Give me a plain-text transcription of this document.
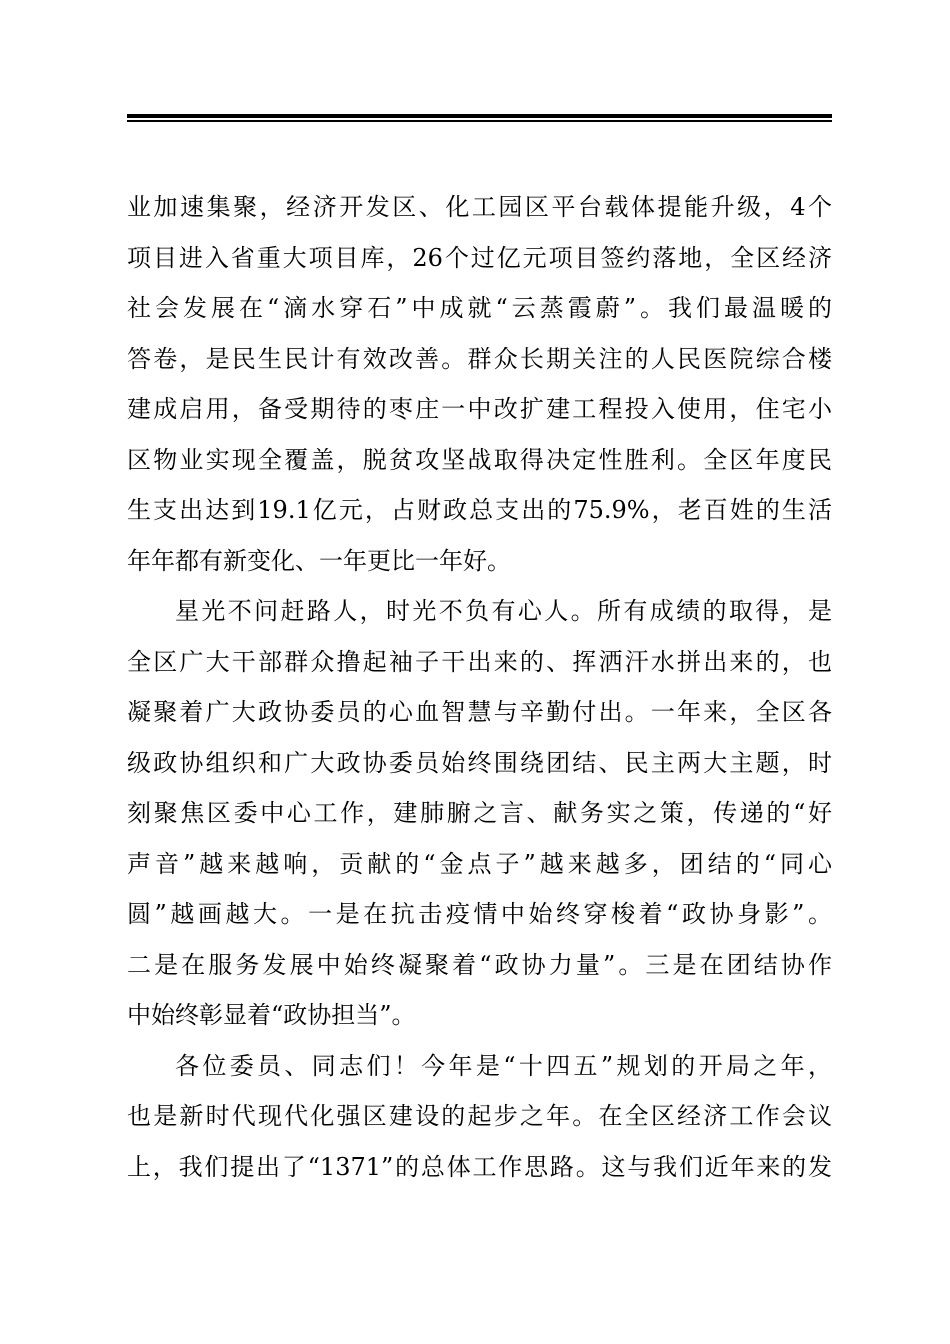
业加速集聚，经济开发区、化工园区平台载体提能升级，4个
项目进入省重大项目库，26个过亿元项目签约落地，全区经济
社会发展在“滴水穿石”中成就“云蒸霞蔚”。我们最温暖的
答卷，是民生民计有效改善。群众长期关注的人民医院综合楼
建成启用，备受期待的枣庄一中改扩建工程投入使用，住宅小
区物业实现全覆盖，脱贫攻坚战取得决定性胜利。全区年度民
生支出达到19.1亿元，占财政总支出的75.9%，老百姓的生活
年年都有新变化、一年更比一年好。
星光不问赶路人，时光不负有心人。所有成绩的取得，是
全区广大干部群众撸起袖子干出来的、挥洒汗水拼出来的，也
凝聚着广大政协委员的心血智慧与辛勤付出。一年来，全区各
级政协组织和广大政协委员始终围绕团结、民主两大主题，时
刻聚焦区委中心工作，建肺腑之言、献务实之策，传递的“好
声音”越来越响，贡献的“金点子”越来越多，团结的“同心
圆”越画越大。一是在抗击疫情中始终穿梭着“政协身影”。
二是在服务发展中始终凝聚着“政协力量”。三是在团结协作
中始终彰显着“政协担当”。
各位委员、同志们！今年是“十四五”规划的开局之年，
也是新时代现代化强区建设的起步之年。在全区经济工作会议
上，我们提出了“1371”的总体工作思路。这与我们近年来的发
